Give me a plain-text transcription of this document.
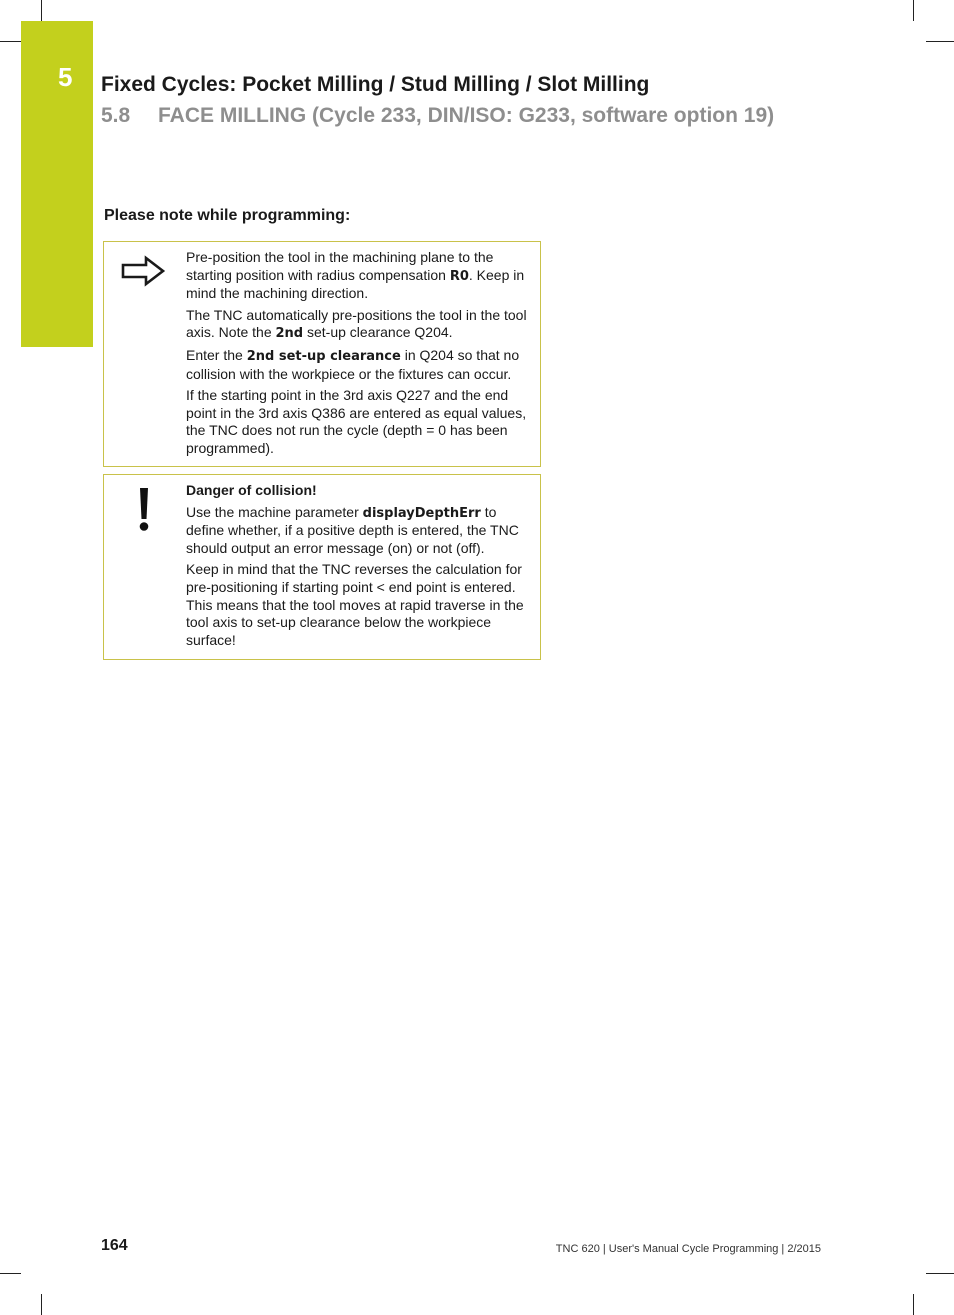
5 Fixed Cycles: Pocket Milling / Stud Milling / Slot Milling
5.8 FACE MILLING (Cycle 233, DIN/ISO: G233, software option 19)
Please note while programming:

Pre-position the tool in the machining plane to the starting position with radius compensation R0. Keep in mind the machining direction.

The TNC automatically pre-positions the tool in the tool axis. Note the 2nd set-up clearance Q204.

Enter the 2nd set-up clearance in Q204 so that no collision with the workpiece or the fixtures can occur.

If the starting point in the 3rd axis Q227 and the end point in the 3rd axis Q386 are entered as equal values, the TNC does not run the cycle (depth = 0 has been programmed).

Danger of collision!

Use the machine parameter displayDepthErr to define whether, if a positive depth is entered, the TNC should output an error message (on) or not (off).

Keep in mind that the TNC reverses the calculation for pre-positioning if starting point < end point is entered. This means that the tool moves at rapid traverse in the tool axis to set-up clearance below the workpiece surface!

164	TNC 620 | User's Manual Cycle Programming | 2/2015
